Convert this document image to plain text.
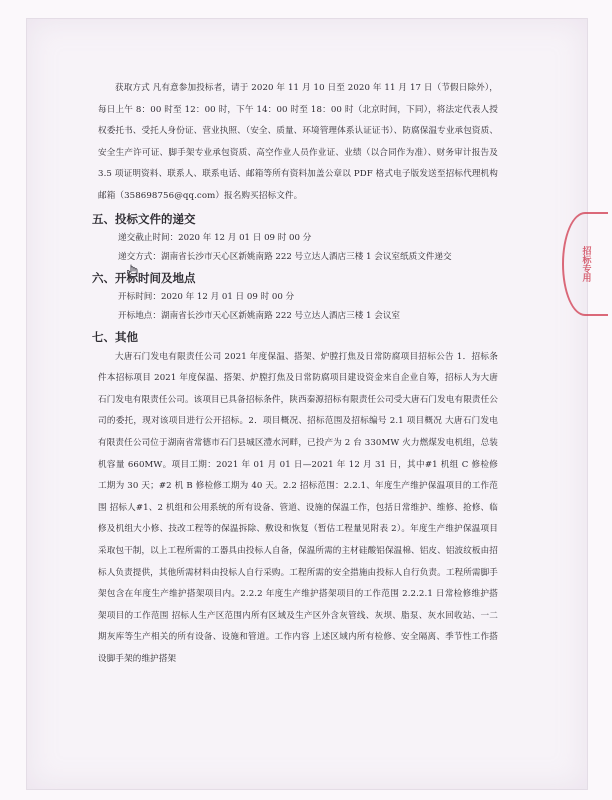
获取方式 凡有意参加投标者，请于 2020 年 11 月 10 日至 2020 年 11 月 17 日（节假日除外），每日上午 8：00 时至 12：00 时，下午 14：00 时至 18：00 时（北京时间，下同），将法定代表人授权委托书、受托人身份证、营业执照、（安全、质量、环境管理体系认证证书）、防腐保温专业承包资质、安全生产许可证、脚手架专业承包资质、高空作业人员作业证、业绩（以合同作为准）、财务审计报告及 3.5 项证明资料、联系人、联系电话、邮箱等所有资料加盖公章以 PDF 格式电子版发送至招标代理机构邮箱（358698756@qq.com）报名购买招标文件。

五、投标文件的递交

递交截止时间：2020 年 12 月 01 日 09 时 00 分

递交方式：湖南省长沙市天心区新姚南路 222 号立达人酒店三楼 1 会议室纸质文件递交

六、开标时间及地点

开标时间：2020 年 12 月 01 日 09 时 00 分

开标地点：湖南省长沙市天心区新姚南路 222 号立达人酒店三楼 1 会议室

七、其他

大唐石门发电有限责任公司 2021 年度保温、搭架、炉膛打焦及日常防腐项目招标公告 1．招标条件本招标项目 2021 年度保温、搭架、炉膛打焦及日常防腐项目建设资金来自企业自筹，招标人为大唐石门发电有限责任公司。该项目已具备招标条件，陕西秦源招标有限责任公司受大唐石门发电有限责任公司的委托，现对该项目进行公开招标。2．项目概况、招标范围及招标编号 2.1 项目概况 大唐石门发电有限责任公司位于湖南省常德市石门县城区澧水河畔，已投产为 2 台 330MW 火力燃煤发电机组，总装机容量 660MW。项目工期：2021 年 01 月 01 日—2021 年 12 月 31 日，其中#1 机组 C 修检修工期为 30 天；#2 机 B 修检修工期为 40 天。2.2 招标范围：2.2.1、年度生产维护保温项目的工作范围 招标人#1、2 机组和公用系统的所有设备、管道、设施的保温工作，包括日常维护、维修、抢修、临修及机组大小修、技改工程等的保温拆除、敷设和恢复（暂估工程量见附表 2）。年度生产维护保温项目采取包干制，以上工程所需的工器具由投标人自备，保温所需的主材硅酸铝保温棉、铝皮、铝波纹板由招标人负责提供，其他所需材料由投标人自行采购。工程所需的安全措施由投标人自行负责。工程所需脚手架包含在年度生产维护搭架项目内。2.2.2 年度生产维护搭架项目的工作范围 2.2.2.1 日常检修维护搭架项目的工作范围 招标人生产区范围内所有区域及生产区外含灰管线、灰坝、脂泵、灰水回收站、一二期灰库等生产相关的所有设备、设施和管道。工作内容 上述区域内所有检修、安全隔离、季节性工作搭设脚手架的维护搭架

招标专用
